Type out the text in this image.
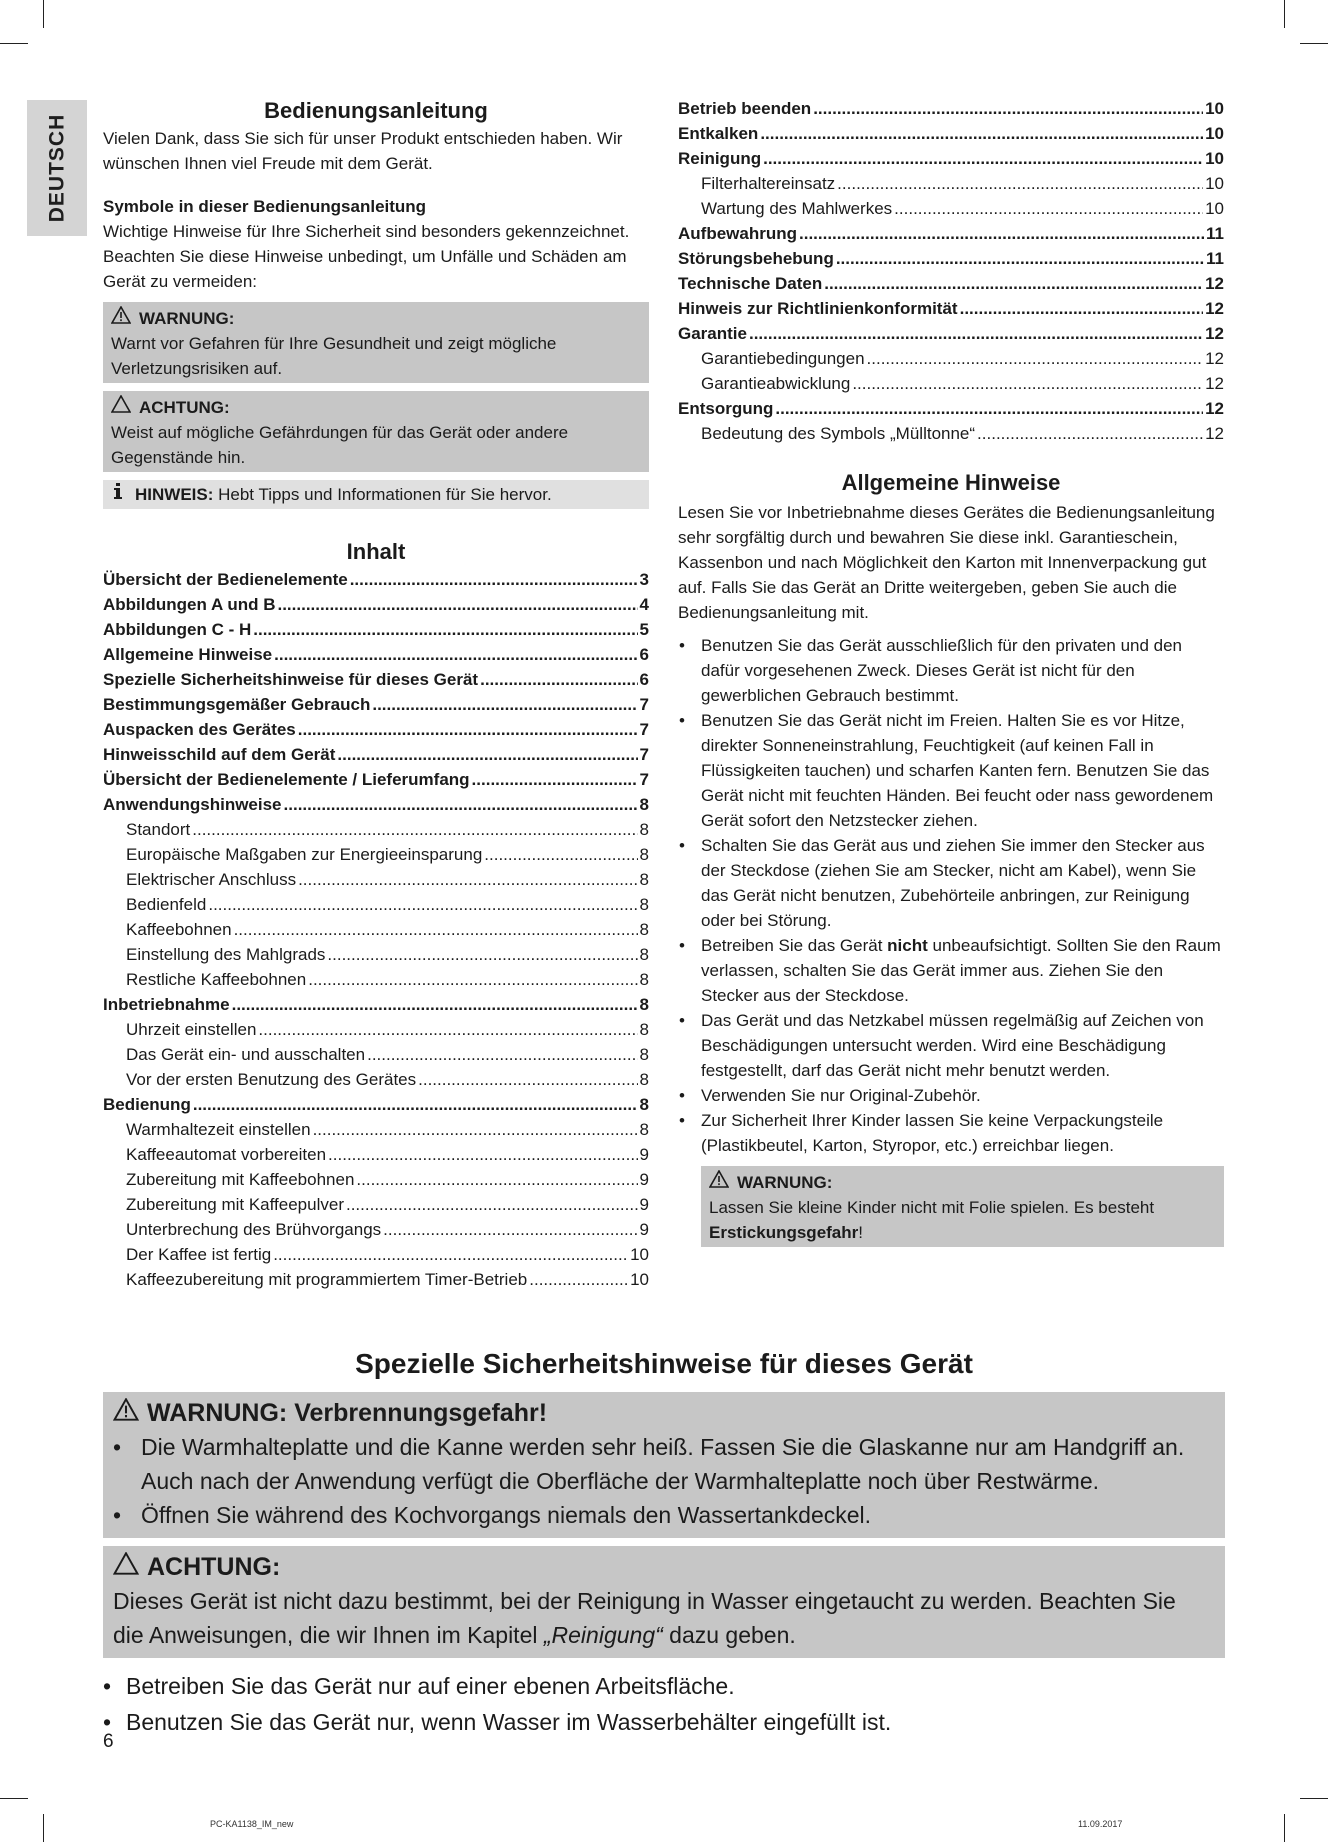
DEUTSCH
Bedienungsanleitung

Vielen Dank, dass Sie sich für unser Produkt entschieden haben. Wir wünschen Ihnen viel Freude mit dem Gerät.

Symbole in dieser Bedienungsanleitung

Wichtige Hinweise für Ihre Sicherheit sind besonders gekennzeichnet. Beachten Sie diese Hinweise unbedingt, um Unfälle und Schäden am Gerät zu vermeiden:

WARNUNG:

Warnt vor Gefahren für Ihre Gesundheit und zeigt mögliche Verletzungsrisiken auf.

ACHTUNG:

Weist auf mögliche Gefährdungen für das Gerät oder andere Gegenstände hin.

HINWEIS: Hebt Tipps und Informationen für Sie hervor.
Inhalt
Übersicht der Bedienelemente .....	3
Abbildungen A und B .....	4
Abbildungen C - H .....	5
Allgemeine Hinweise .....	6
Spezielle Sicherheitshinweise für dieses Gerät .....	6
Bestimmungsgemäßer Gebrauch .....	7
Auspacken des Gerätes .....	7
Hinweisschild auf dem Gerät .....	7
Übersicht der Bedienelemente / Lieferumfang .....	7
Anwendungshinweise .....	8
Standort .....	8
Europäische Maßgaben zur Energieeinsparung .....	8
Elektrischer Anschluss .....	8
Bedienfeld .....	8
Kaffeebohnen .....	8
Einstellung des Mahlgrads .....	8
Restliche Kaffeebohnen .....	8
Inbetriebnahme .....	8
Uhrzeit einstellen .....	8
Das Gerät ein- und ausschalten .....	8
Vor der ersten Benutzung des Gerätes .....	8
Bedienung .....	8
Warmhaltezeit einstellen .....	8
Kaffeeautomat vorbereiten .....	9
Zubereitung mit Kaffeebohnen .....	9
Zubereitung mit Kaffeepulver .....	9
Unterbrechung des Brühvorgangs .....	9
Der Kaffee ist fertig .....	10
Kaffeezubereitung mit programmiertem Timer-Betrieb .....	10
Betrieb beenden .....	10
Entkalken .....	10
Reinigung .....	10
Filterhaltereinsatz .....	10
Wartung des Mahlwerkes .....	10
Aufbewahrung .....	11
Störungsbehebung .....	11
Technische Daten .....	12
Hinweis zur Richtlinienkonformität .....	12
Garantie .....	12
Garantiebedingungen .....	12
Garantieabwicklung .....	12
Entsorgung .....	12
Bedeutung des Symbols „Mülltonne“ .....	12
Allgemeine Hinweise

Lesen Sie vor Inbetriebnahme dieses Gerätes die Bedienungsanleitung sehr sorgfältig durch und bewahren Sie diese inkl. Garantieschein, Kassenbon und nach Möglichkeit den Karton mit Innenverpackung gut auf. Falls Sie das Gerät an Dritte weitergeben, geben Sie auch die Bedienungsanleitung mit.

• Benutzen Sie das Gerät ausschließlich für den privaten und den dafür vorgesehenen Zweck. Dieses Gerät ist nicht für den gewerblichen Gebrauch bestimmt.
• Benutzen Sie das Gerät nicht im Freien. Halten Sie es vor Hitze, direkter Sonneneinstrahlung, Feuchtigkeit (auf keinen Fall in Flüssigkeiten tauchen) und scharfen Kanten fern. Benutzen Sie das Gerät nicht mit feuchten Händen. Bei feucht oder nass gewordenem Gerät sofort den Netzstecker ziehen.
• Schalten Sie das Gerät aus und ziehen Sie immer den Stecker aus der Steckdose (ziehen Sie am Stecker, nicht am Kabel), wenn Sie das Gerät nicht benutzen, Zubehörteile anbringen, zur Reinigung oder bei Störung.
• Betreiben Sie das Gerät nicht unbeaufsichtigt. Sollten Sie den Raum verlassen, schalten Sie das Gerät immer aus. Ziehen Sie den Stecker aus der Steckdose.
• Das Gerät und das Netzkabel müssen regelmäßig auf Zeichen von Beschädigungen untersucht werden. Wird eine Beschädigung festgestellt, darf das Gerät nicht mehr benutzt werden.
• Verwenden Sie nur Original-Zubehör.
• Zur Sicherheit Ihrer Kinder lassen Sie keine Verpackungsteile (Plastikbeutel, Karton, Styropor, etc.) erreichbar liegen.
WARNUNG:

Lassen Sie kleine Kinder nicht mit Folie spielen. Es besteht Erstickungsgefahr!

Spezielle Sicherheitshinweise für dieses Gerät
WARNUNG: Verbrennungsgefahr!
• Die Warmhalteplatte und die Kanne werden sehr heiß. Fassen Sie die Glaskanne nur am Handgriff an. Auch nach der Anwendung verfügt die Oberfläche der Warmhalteplatte noch über Restwärme.
• Öffnen Sie während des Kochvorgangs niemals den Wassertankdeckel.
ACHTUNG:

Dieses Gerät ist nicht dazu bestimmt, bei der Reinigung in Wasser eingetaucht zu werden. Beachten Sie die Anweisungen, die wir Ihnen im Kapitel „Reinigung“ dazu geben.

• Betreiben Sie das Gerät nur auf einer ebenen Arbeitsfläche.
• Benutzen Sie das Gerät nur, wenn Wasser im Wasserbehälter eingefüllt ist.
6
PC-KA1138_IM_new	11.09.2017
